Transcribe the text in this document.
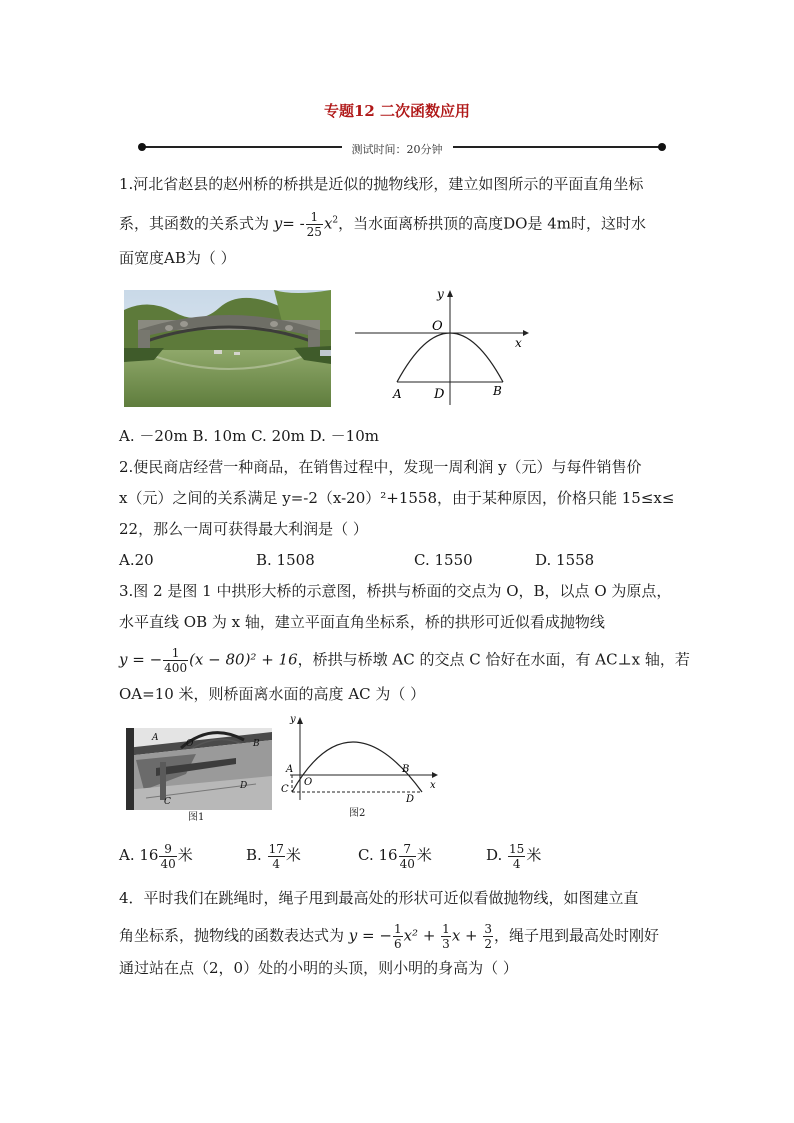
专题12 二次函数应用
测试时间：20分钟
1.河北省赵县的赵州桥的桥拱是近似的抛物线形，建立如图所示的平面直角坐标
系，其函数的关系式为 $y= - \frac{1}{25} x^2$，当水面离桥拱顶的高度DO是 4m时，这时水
面宽度AB为（ ）
y
x
O
A D	B
A. －20m B. 10m C. 20m D. －10m
2.便民商店经营一种商品，在销售过程中，发现一周利润 y（元）与每件销售价
x（元）之间的关系满足 y=-2（x-20）²+1558，由于某种原因，价格只能 15≤x≤
22，那么一周可获得最大利润是（ ）
A.20	B. 1508	C. 1550	D. 1558
3.图 2 是图 1 中拱形大桥的示意图，桥拱与桥面的交点为 O，B，以点 O 为原点，
水平直线 OB 为 x 轴，建立平面直角坐标系，桥的拱形可近似看成抛物线
y = − $\frac{1}{400} (x - 80)^2 + 16$，桥拱与桥墩 AC 的交点 C 恰好在水面，有 AC⊥x 轴，若
OA=10 米，则桥面离水面的高度 AC 为（ ）
A
O	B
D
C
图1
y
x
A
O
C
B
D
图2
A. $16 \frac{9}{40}$ 米	B. $\frac{17}{4}$ 米	C. $16 \frac{7}{40}$ 米	D. $\frac{15}{4}$ 米
4．平时我们在跳绳时，绳子甩到最高处的形状可近似看做抛物线，如图建立直
角坐标系，抛物线的函数表达式为 y = − $\frac{1}{6} x^2 + \frac{1}{3}$ $x + \frac{3}{2}$ ，绳子甩到最高处时刚好
通过站在点（2，0）处的小明的头顶，则小明的身高为（ ）
